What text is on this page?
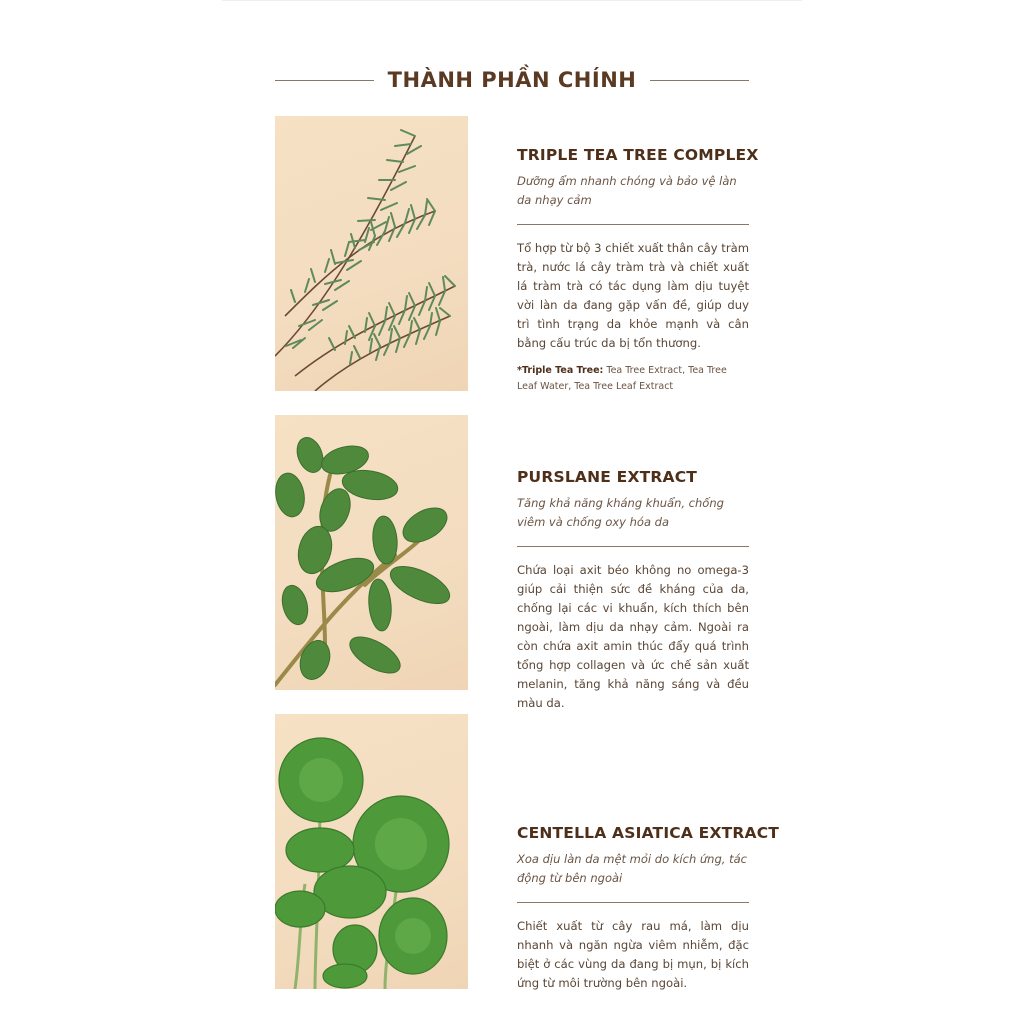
THÀNH PHẦN CHÍNH

TRIPLE TEA TREE COMPLEX

Dưỡng ẩm nhanh chóng và bảo vệ làn da nhạy cảm

Tổ hợp từ bộ 3 chiết xuất thân cây tràm trà, nước lá cây tràm trà và chiết xuất lá tràm trà có tác dụng làm dịu tuyệt vời làn da đang gặp vấn đề, giúp duy trì tình trạng da khỏe mạnh và cân bằng cấu trúc da bị tổn thương.

*Triple Tea Tree: Tea Tree Extract, Tea Tree Leaf Water, Tea Tree Leaf Extract

PURSLANE EXTRACT

Tăng khả năng kháng khuẩn, chống viêm và chống oxy hóa da

Chứa loại axit béo không no omega-3 giúp cải thiện sức đề kháng của da, chống lại các vi khuẩn, kích thích bên ngoài, làm dịu da nhạy cảm. Ngoài ra còn chứa axit amin thúc đẩy quá trình tổng hợp collagen và ức chế sản xuất melanin, tăng khả năng sáng và đều màu da.

CENTELLA ASIATICA EXTRACT

Xoa dịu làn da mệt mỏi do kích ứng, tác động từ bên ngoài

Chiết xuất từ cây rau má, làm dịu nhanh và ngăn ngừa viêm nhiễm, đặc biệt ở các vùng da đang bị mụn, bị kích ứng từ môi trường bên ngoài.
